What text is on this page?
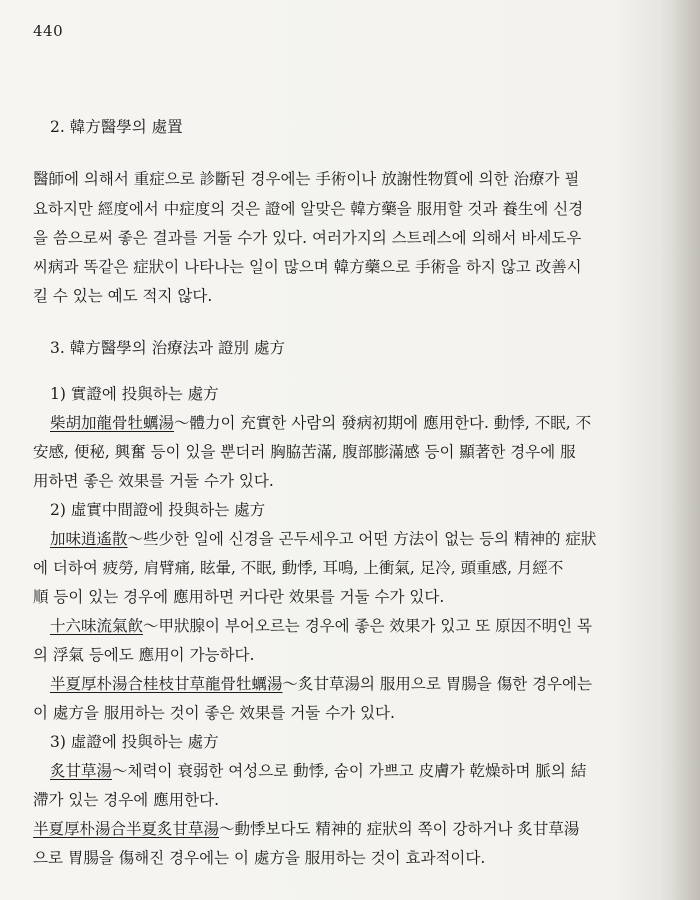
440
2. 韓方醫學의 處置
醫師에 의해서 重症으로 診斷된 경우에는 手術이나 放謝性物質에 의한 治療가 필
요하지만 經度에서 中症度의 것은 證에 알맞은 韓方藥을 服用할 것과 養生에 신경
을 씀으로써 좋은 결과를 거둘 수가 있다. 여러가지의 스트레스에 의해서 바세도우
씨病과 똑같은 症狀이 나타나는 일이 많으며 韓方藥으로 手術을 하지 않고 改善시
킬 수 있는 예도 적지 않다.
3. 韓方醫學의 治療法과 證別 處方
1) 實證에 投與하는 處方
柴胡加龍骨牡蠣湯～體力이 充實한 사람의 發病初期에 應用한다. 動悸, 不眠, 不
安感, 便秘, 興奮 등이 있을 뿐더러 胸脇苦滿, 腹部膨滿感 등이 顯著한 경우에 服
用하면 좋은 效果를 거둘 수가 있다.
2) 虛實中間證에 投與하는 處方
加味逍遙散～些少한 일에 신경을 곤두세우고 어떤 方法이 없는 등의 精神的 症狀
에 더하여 疲勞, 肩臂痛, 眩暈, 不眠, 動悸, 耳鳴, 上衝氣, 足冷, 頭重感, 月經不
順 등이 있는 경우에 應用하면 커다란 效果를 거둘 수가 있다.
十六味流氣飮～甲狀腺이 부어오르는 경우에 좋은 效果가 있고 또 原因不明인 목
의 浮氣 등에도 應用이 가능하다.
半夏厚朴湯合桂枝甘草龍骨牡蠣湯～炙甘草湯의 服用으로 胃腸을 傷한 경우에는
이 處方을 服用하는 것이 좋은 效果를 거둘 수가 있다.
3) 虛證에 投與하는 處方
炙甘草湯～체력이 衰弱한 여성으로 動悸, 숨이 가쁘고 皮膚가 乾燥하며 脈의 結
滯가 있는 경우에 應用한다.
半夏厚朴湯合半夏炙甘草湯～動悸보다도 精神的 症狀의 쪽이 강하거나 炙甘草湯
으로 胃腸을 傷해진 경우에는 이 處方을 服用하는 것이 효과적이다.
